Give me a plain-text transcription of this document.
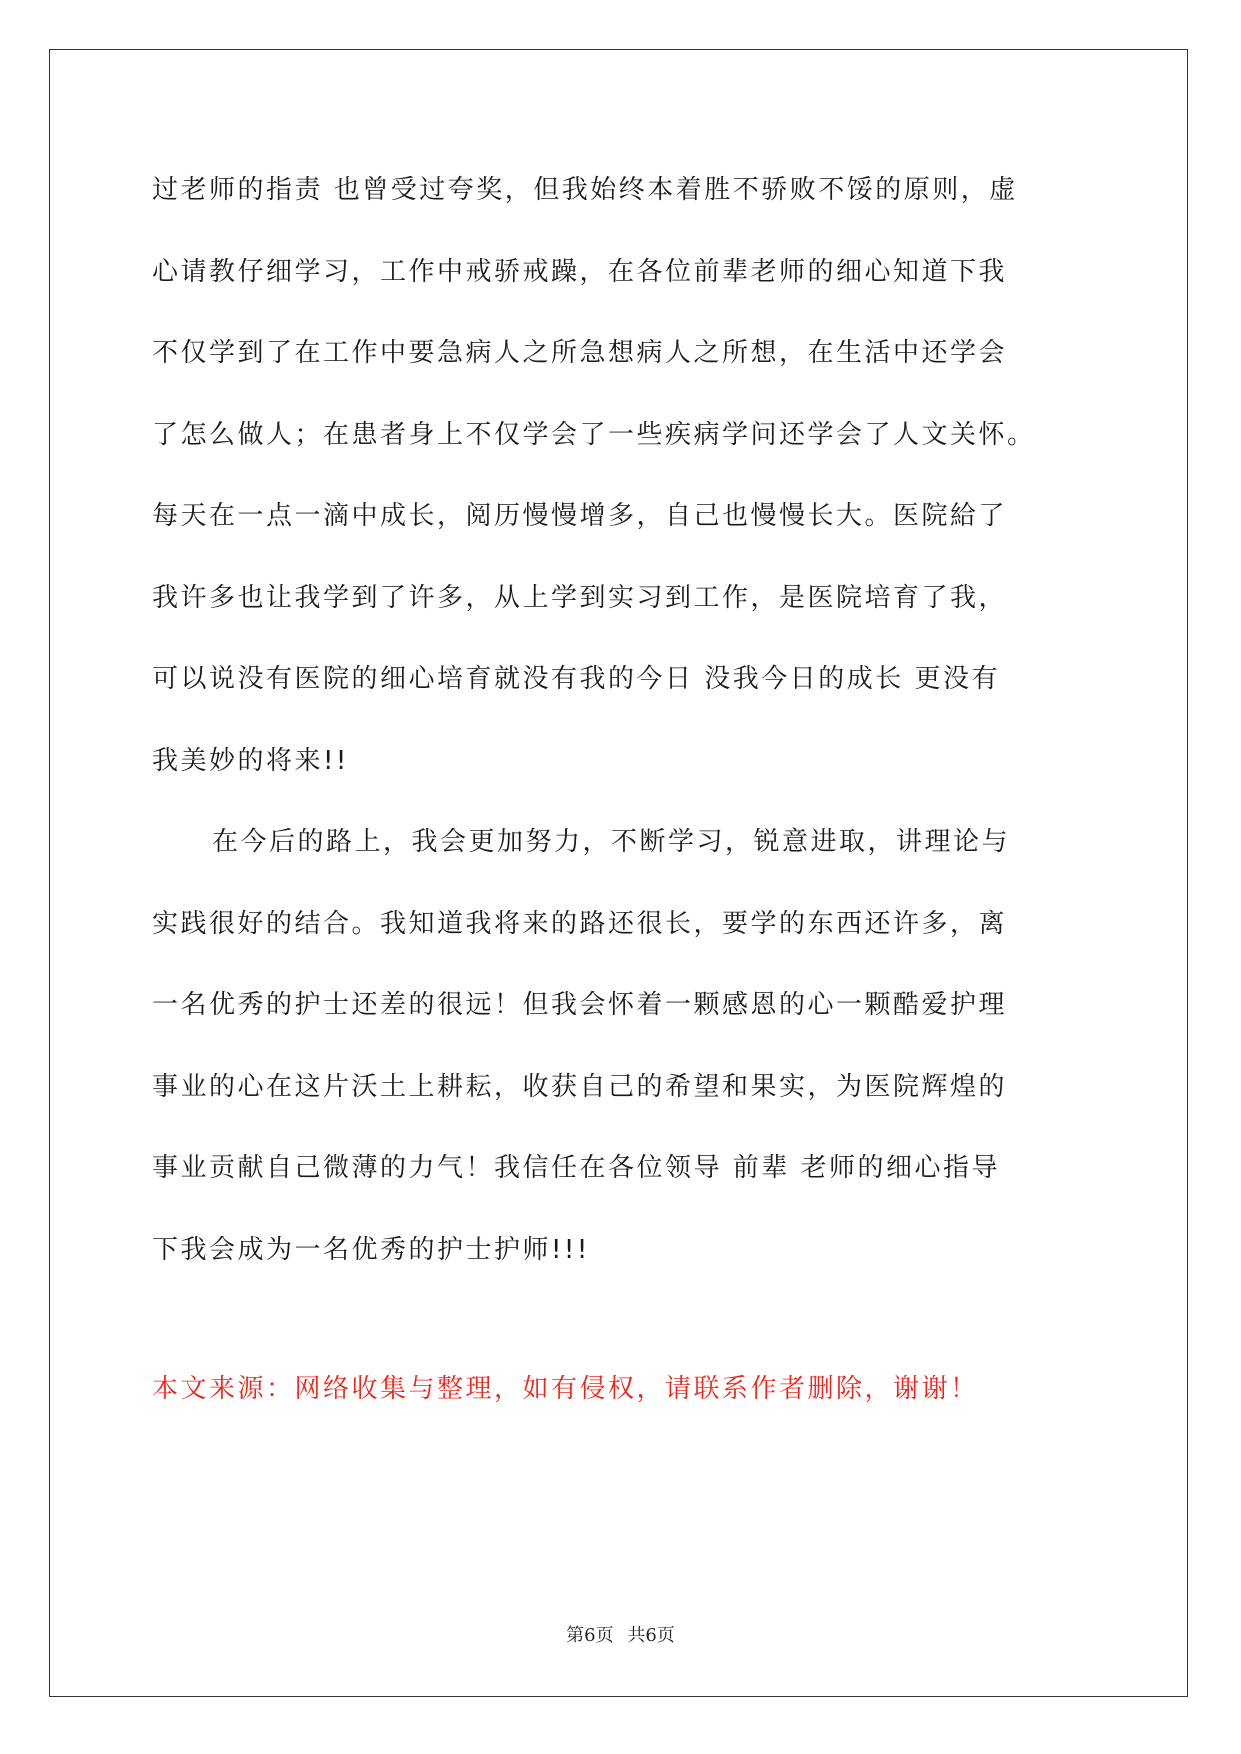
过老师的指责 也曾受过夸奖，但我始终本着胜不骄败不馁的原则，虚
心请教仔细学习，工作中戒骄戒躁，在各位前辈老师的细心知道下我
不仅学到了在工作中要急病人之所急想病人之所想，在生活中还学会
了怎么做人；在患者身上不仅学会了一些疾病学问还学会了人文关怀。
每天在一点一滴中成长，阅历慢慢增多，自己也慢慢长大。医院給了
我许多也让我学到了许多，从上学到实习到工作，是医院培育了我，
可以说没有医院的细心培育就没有我的今日 没我今日的成长 更没有
我美妙的将来!!
在今后的路上，我会更加努力，不断学习，锐意进取，讲理论与
实践很好的结合。我知道我将来的路还很长，要学的东西还许多，离
一名优秀的护士还差的很远！但我会怀着一颗感恩的心一颗酷爱护理
事业的心在这片沃土上耕耘，收获自己的希望和果实，为医院辉煌的
事业贡献自己微薄的力气！我信任在各位领导 前辈 老师的细心指导
下我会成为一名优秀的护士护师!!!
本文来源：网络收集与整理，如有侵权，请联系作者删除，谢谢！
第6页 共6页
